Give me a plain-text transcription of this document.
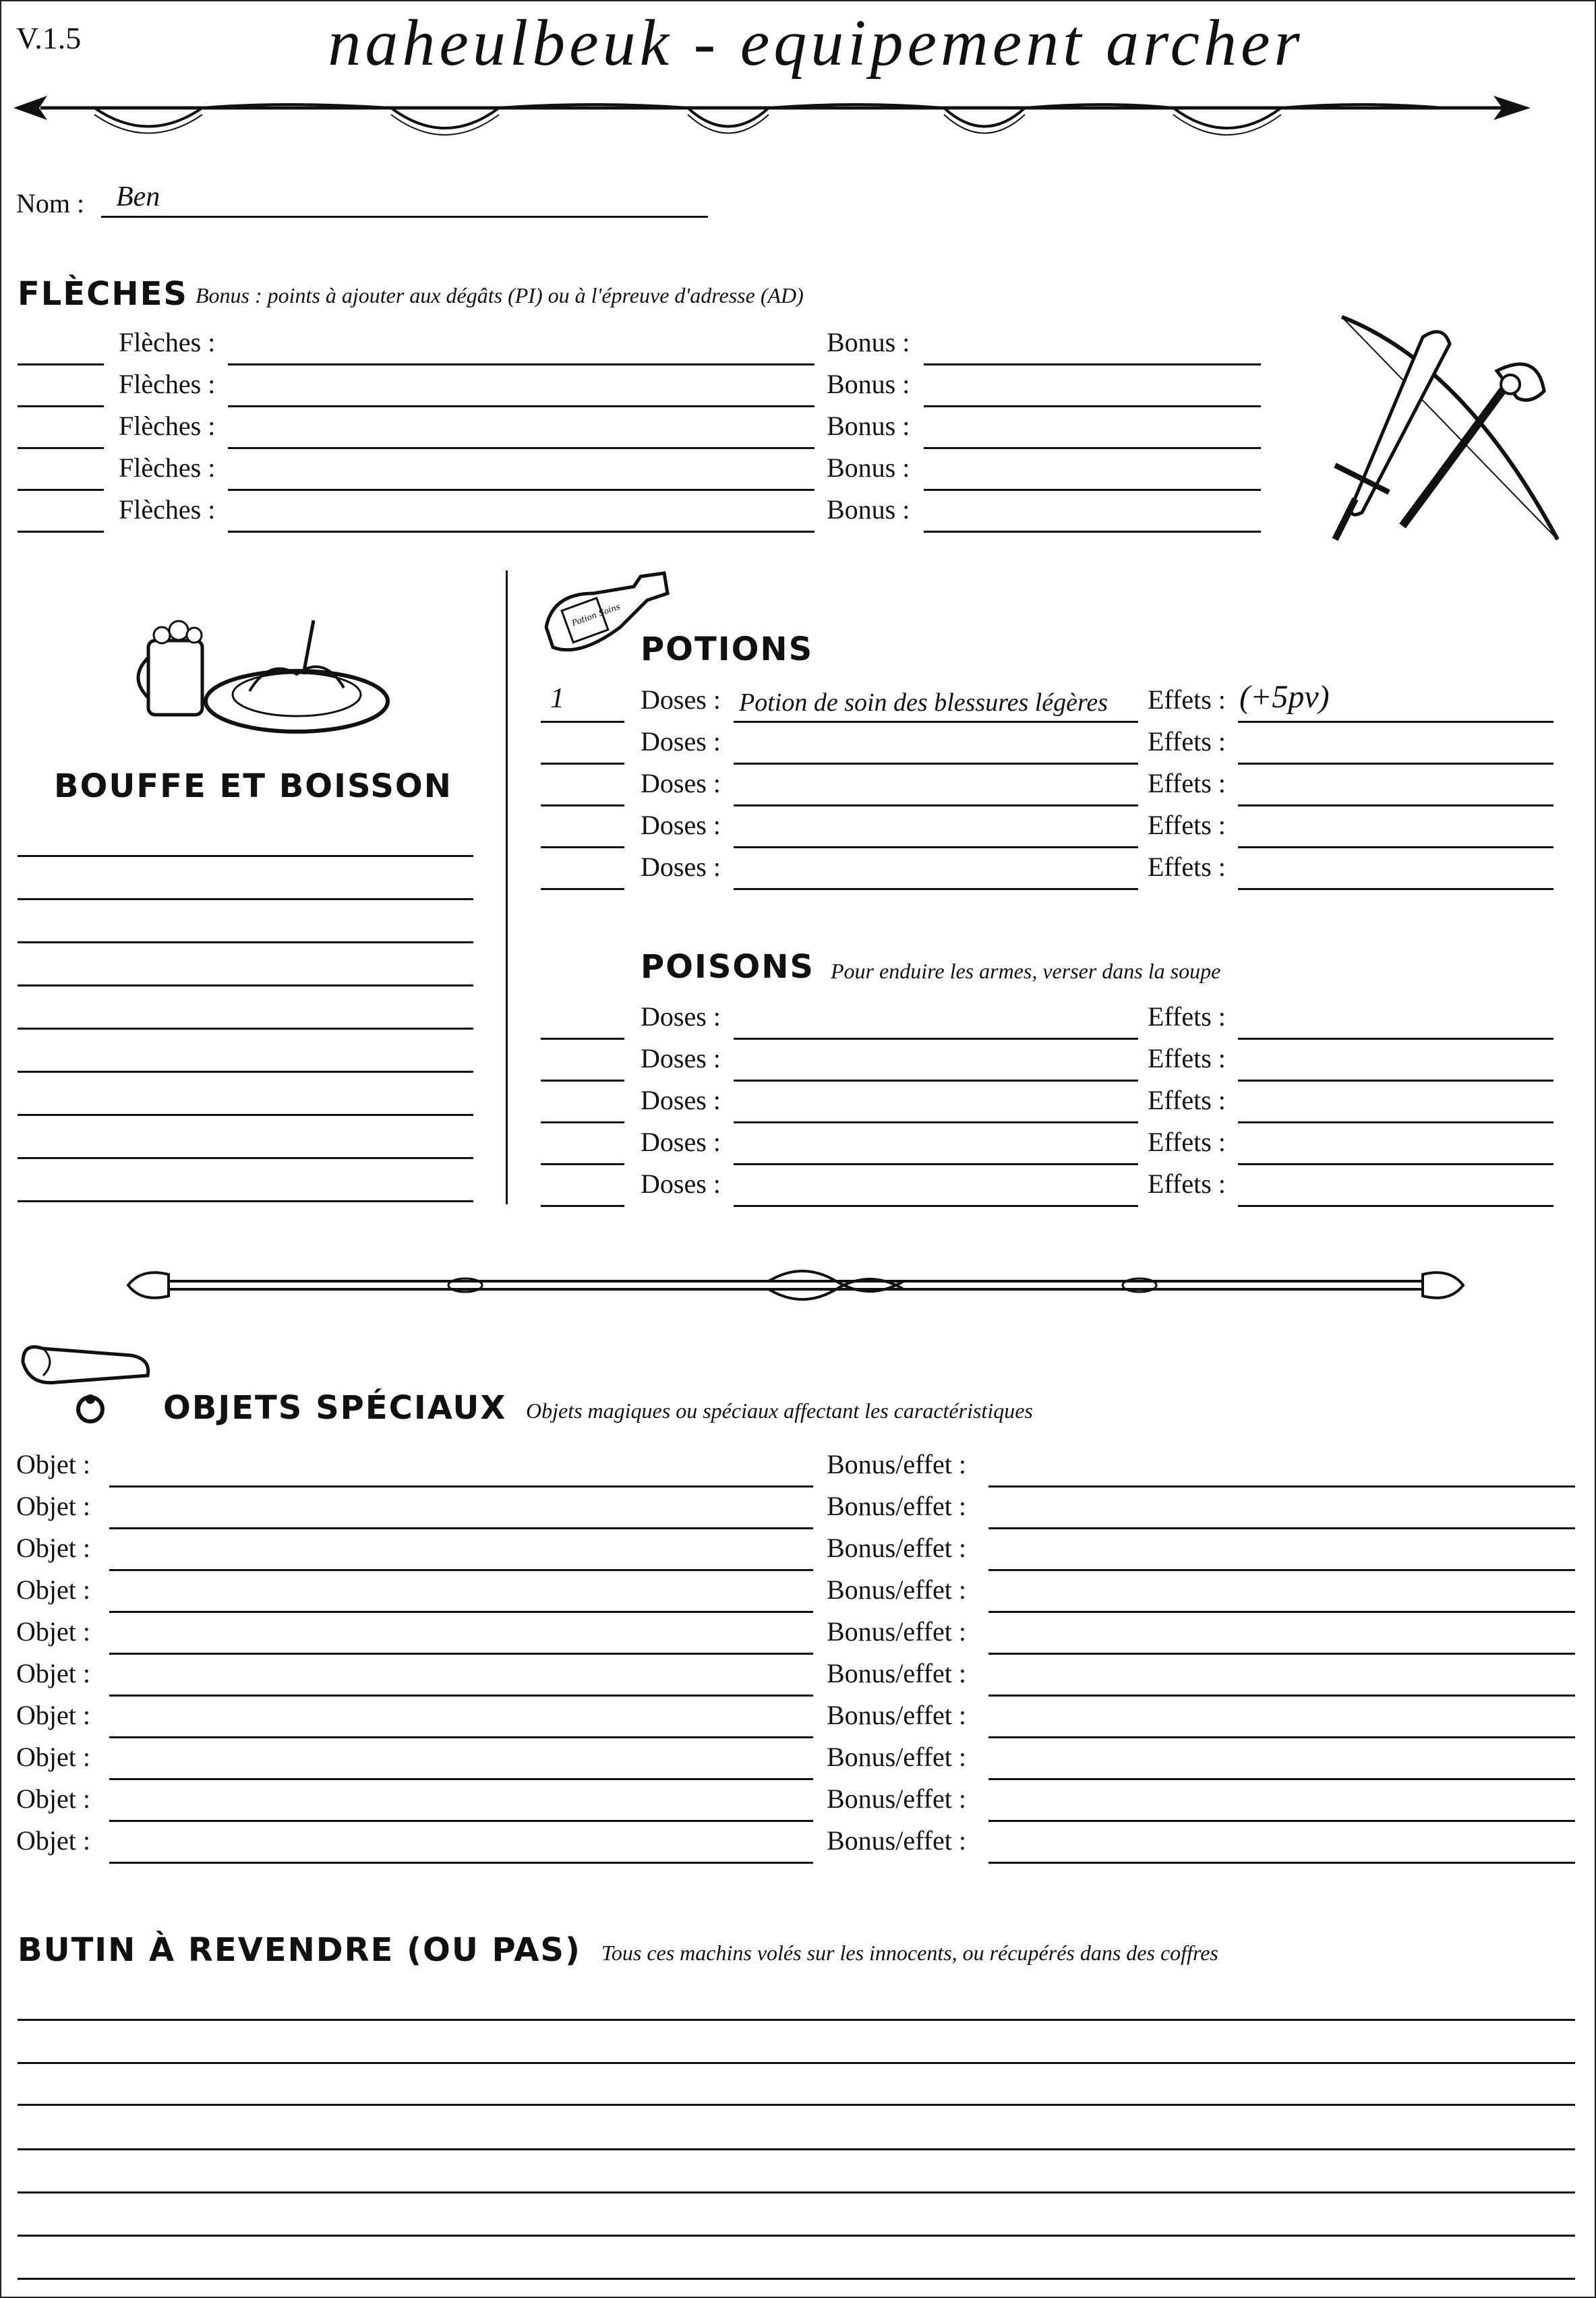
V.1.5	naheulbeuk - equipement archer
Nom : Ben
FLÈCHES Bonus : points à ajouter aux dégâts (PI) ou à l'épreuve d'adresse (AD)
Flèches :	Bonus :
Flèches :	Bonus :
Flèches :	Bonus :
Flèches :	Bonus :
Flèches :	Bonus :
BOUFFE ET BOISSON
Potion Soins
POTIONS
1	Doses : Potion de soin des blessures légères Effets : (+5pv)
Doses :	Effets :
Doses :	Effets :
Doses :	Effets :
Doses :	Effets :
POISONS Pour enduire les armes, verser dans la soupe
Doses :	Effets :
Doses :	Effets :
Doses :	Effets :
Doses :	Effets :
Doses :	Effets :
OBJETS SPÉCIAUX Objets magiques ou spéciaux affectant les caractéristiques
Objet :	Bonus/effet :
Objet :	Bonus/effet :
Objet :	Bonus/effet :
Objet :	Bonus/effet :
Objet :	Bonus/effet :
Objet :	Bonus/effet :
Objet :	Bonus/effet :
Objet :	Bonus/effet :
Objet :	Bonus/effet :
Objet :	Bonus/effet :
BUTIN À REVENDRE (OU PAS) Tous ces machins volés sur les innocents, ou récupérés dans des coffres
